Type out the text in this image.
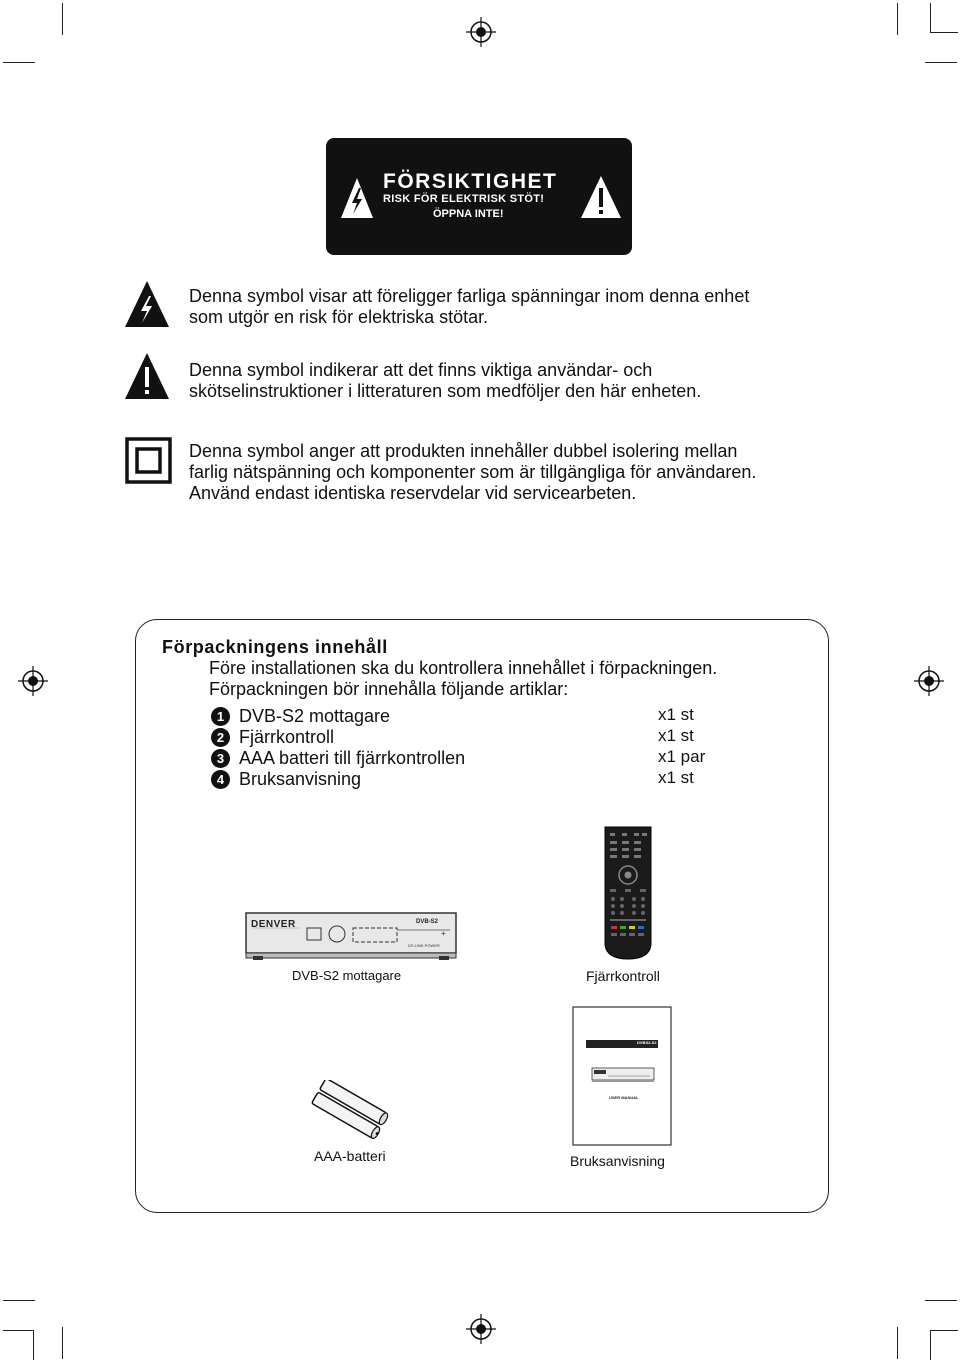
FÖRSIKTIGHET
RISK FÖR ELEKTRISK STÖT!
ÖPPNA INTE!
Denna symbol visar att föreligger farliga spänningar inom denna enhet
som utgör en risk för elektriska stötar.
Denna symbol indikerar att det finns viktiga användar- och
skötselinstruktioner i litteraturen som medföljer den här enheten.
Denna symbol anger att produkten innehåller dubbel isolering mellan
farlig nätspänning och komponenter som är tillgängliga för användaren.
Använd endast identiska reservdelar vid servicearbeten.
Förpackningens innehåll
Före installationen ska du kontrollera innehållet i förpackningen.
Förpackningen bör innehålla följande artiklar:
1 DVB-S2 mottagare
2 Fjärrkontroll
3 AAA batteri till fjärrkontrollen
4 Bruksanvisning
x1 st
x1 st
x1 par
x1 st
+
DENVER	DVB-S2
DS LINK POWER
DVB-S2 mottagare	Fjärrkontroll
AAA-batteri
DVBS2-S2
USER MANUAL
Bruksanvisning
